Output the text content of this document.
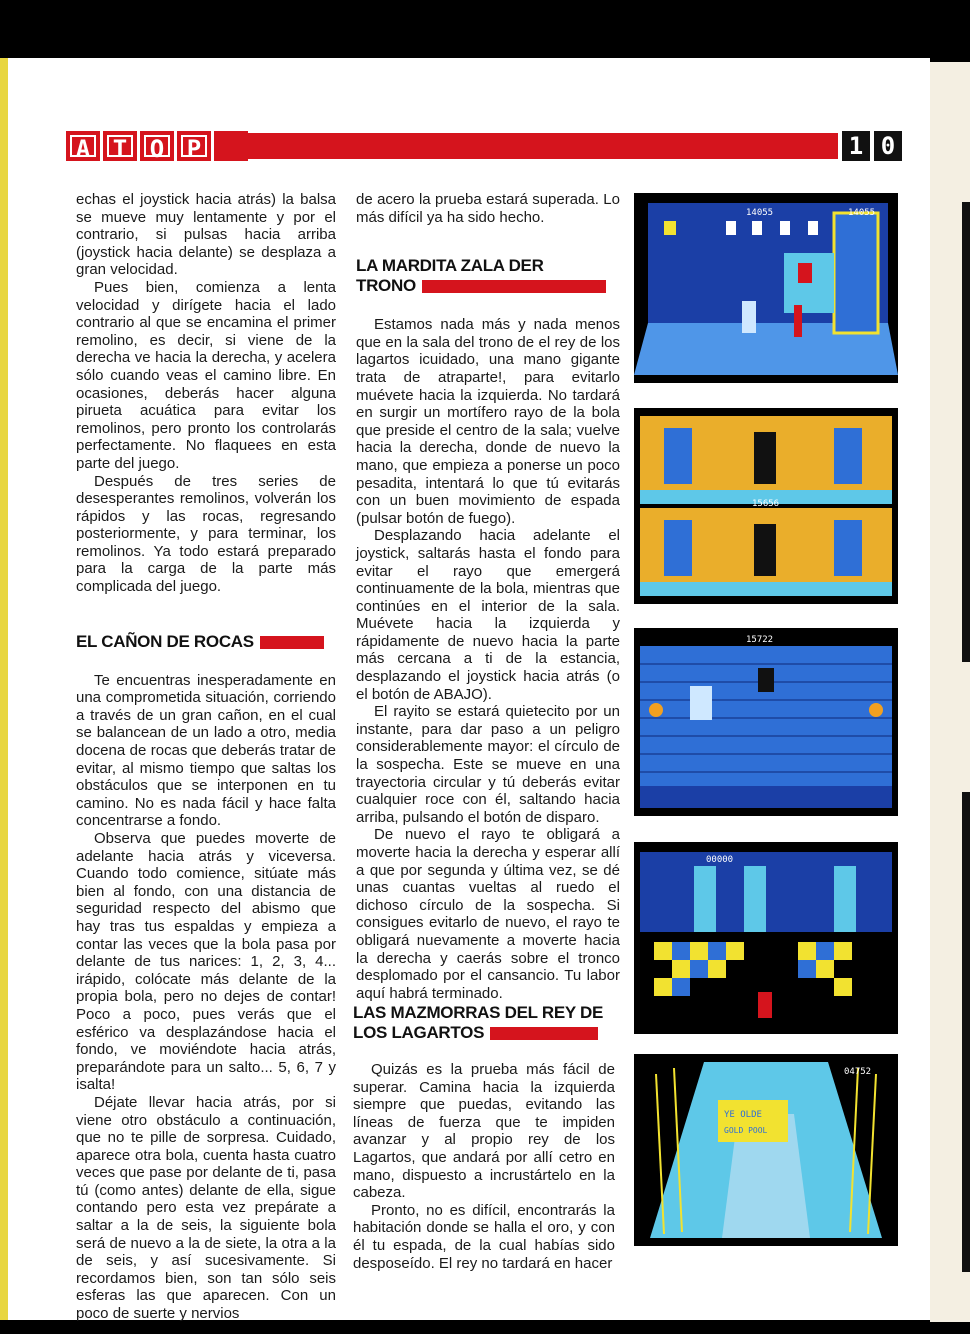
A T O P	1 0

echas el joystick hacia atrás) la balsa se mueve muy lentamente y por el contrario, si pulsas hacia arriba (joystick hacia delante) se desplaza a gran velocidad.

Pues bien, comienza a lenta velocidad y dirígete hacia el lado contrario al que se encamina el primer remolino, es decir, si viene de la derecha ve hacia la derecha, y acelera sólo cuando veas el camino libre. En ocasiones, deberás hacer alguna pirueta acuática para evitar los remolinos, pero pronto los controlarás perfectamente. No flaquees en esta parte del juego.

Después de tres series de desesperantes remolinos, volverán los rápidos y las rocas, regresando posteriormente, y para terminar, los remolinos. Ya todo estará preparado para la carga de la parte más complicada del juego.

EL CAÑON DE ROCAS

Te encuentras inesperadamente en una comprometida situación, corriendo a través de un gran cañon, en el cual se balancean de un lado a otro, media docena de rocas que deberás tratar de evitar, al mismo tiempo que saltas los obstáculos que se interponen en tu camino. No es nada fácil y hace falta concentrarse a fondo.

Observa que puedes moverte de adelante hacia atrás y viceversa. Cuando todo comience, sitúate más bien al fondo, con una distancia de seguridad respecto del abismo que hay tras tus espaldas y empieza a contar las veces que la bola pasa por delante de tus narices: 1, 2, 3, 4... irápido, colócate más delante de la propia bola, pero no dejes de contar! Poco a poco, pues verás que el esférico va desplazándose hacia el fondo, ve moviéndote hacia atrás, preparándote para un salto... 5, 6, 7 y isalta!

Déjate llevar hacia atrás, por si viene otro obstáculo a continuación, que no te pille de sorpresa. Cuidado, aparece otra bola, cuenta hasta cuatro veces que pase por delante de ti, pasa tú (como antes) delante de ella, sigue contando pero esta vez prepárate a saltar a la de seis, la siguiente bola será de nuevo a la de siete, la otra a la de seis, y así sucesivamente. Si recordamos bien, son tan sólo seis esferas las que aparecen. Con un poco de suerte y nervios

de acero la prueba estará superada. Lo más difícil ya ha sido hecho.

LA MARDITA ZALA DER
TRONO

Estamos nada más y nada menos que en la sala del trono de el rey de los lagartos icuidado, una mano gigante trata de atraparte!, para evitarlo muévete hacia la izquierda. No tardará en surgir un mortífero rayo de la bola que preside el centro de la sala; vuelve hacia la derecha, donde de nuevo la mano, que empieza a ponerse un poco pesadita, intentará lo que tú evitarás con un buen movimiento de espada (pulsar botón de fuego).

Desplazando hacia adelante el joystick, saltarás hasta el fondo para evitar el rayo que emergerá continuamente de la bola, mientras que continúes en el interior de la sala. Muévete hacia la izquierda y rápidamente de nuevo hacia la parte más cercana a ti de la estancia, desplazando el joystick hacia atrás (o el botón de ABAJO).

El rayito se estará quietecito por un instante, para dar paso a un peligro considerablemente mayor: el círculo de la sospecha. Este se mueve en una trayectoria circular y tú deberás evitar cualquier roce con él, saltando hacia arriba, pulsando el botón de disparo.

De nuevo el rayo te obligará a moverte hacia la derecha y esperar allí a que por segunda y última vez, se dé unas cuantas vueltas al ruedo el dichoso círculo de la sospecha. Si consigues evitarlo de nuevo, el rayo te obligará nuevamente a moverte hacia la derecha y caerás sobre el tronco desplomado por el cansancio. Tu labor aquí habrá terminado.

LAS MAZMORRAS DEL REY DE
LOS LAGARTOS

Quizás es la prueba más fácil de superar. Camina hacia la izquierda siempre que puedas, evitando las líneas de fuerza que te impiden avanzar y al propio rey de los Lagartos, que andará por allí cetro en mano, dispuesto a incrustártelo en la cabeza.

Pronto, no es difícil, encontrarás la habitación donde se halla el oro, y con él tu espada, de la cual habías sido desposeído. El rey no tardará en hacer

14055	14055
15656
15722
00000
YE OLDE
GOLD POOL
04752
